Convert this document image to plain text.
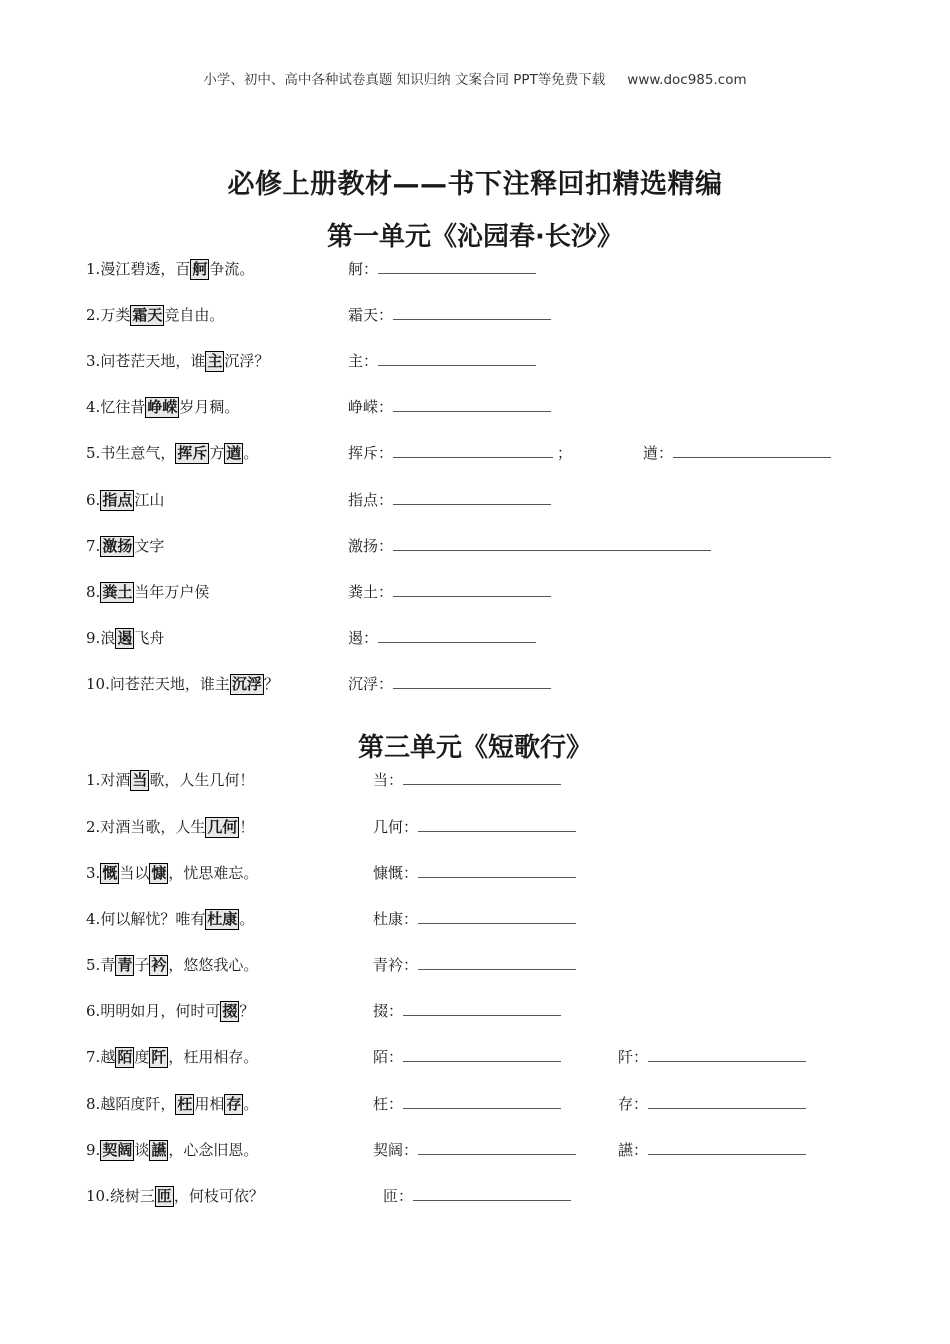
小学、初中、高中各种试卷真题 知识归纳 文案合同 PPT等免费下载 www.doc985.com
必修上册教材——书下注释回扣精选精编
第一单元《沁园春·长沙》
1.漫江碧透，百 舸 争流。	舸：
2.万类 霜天 竞自由。	霜天：
3.问苍茫天地，谁 主 沉浮？	主：
4.忆往昔 峥嵘 岁月稠。	峥嵘：
5.书生意气， 挥斥 方 遒 。	挥斥：	；	遒：
6. 指点 江山	指点：
7. 激扬 文字	激扬：
8. 粪土 当年万户侯	粪土：
9.浪 遏 飞舟	遏：
10.问苍茫天地，谁主 沉浮 ？	沉浮：
第三单元《短歌行》
1.对酒 当 歌，人生几何！	当：
2.对酒当歌，人生 几何 ！	几何：
3. 慨 当以 慷 ，忧思难忘。	慷慨：
4.何以解忧？唯有 杜康 。	杜康：
5.青 青 子 衿 ，悠悠我心。	青衿：
6.明明如月，何时可 掇 ？	掇：
7.越 陌 度 阡 ，枉用相存。	陌：	阡：
8.越陌度阡， 枉 用相 存 。	枉：	存：
9. 契阔 谈 讌 ，心念旧恩。	契阔：	讌：
10.绕树三 匝 ，何枝可依？	匝：
